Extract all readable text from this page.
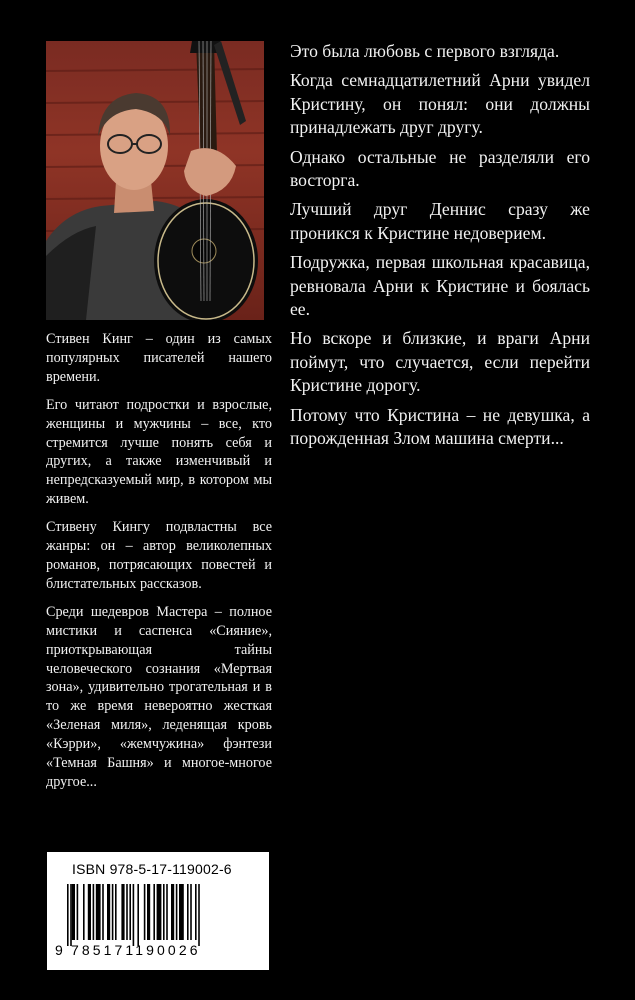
Стивен Кинг – один из самых популярных писателей нашего времени.

Его читают подростки и взрослые, женщины и мужчины – все, кто стремится лучше понять себя и других, а также изменчивый и непредсказуемый мир, в котором мы живем.

Стивену Кингу подвластны все жанры: он – автор великолепных романов, потрясающих повестей и блистательных рассказов.

Среди шедевров Мастера – полное мистики и саспенса «Сияние», приоткрывающая тайны человеческого сознания «Мертвая зона», удивительно трогательная и в то же время невероятно жесткая «Зеленая миля», леденящая кровь «Кэрри», «жемчужина» фэнтези «Темная Башня» и многое-многое другое...

Это была любовь с первого взгляда.

Когда семнадцатилетний Арни увидел Кристину, он понял: они должны принадлежать друг другу.

Однако остальные не разделяли его восторга.

Лучший друг Деннис сразу же проникся к Кристине недоверием.

Подружка, первая школьная красавица, ревновала Арни к Кристине и боялась ее.

Но вскоре и близкие, и враги Арни поймут, что случается, если перейти Кристине дорогу.

Потому что Кристина – не девушка, а порожденная Злом машина смерти...

ISBN 978-5-17-119002-6
9 785171190026
